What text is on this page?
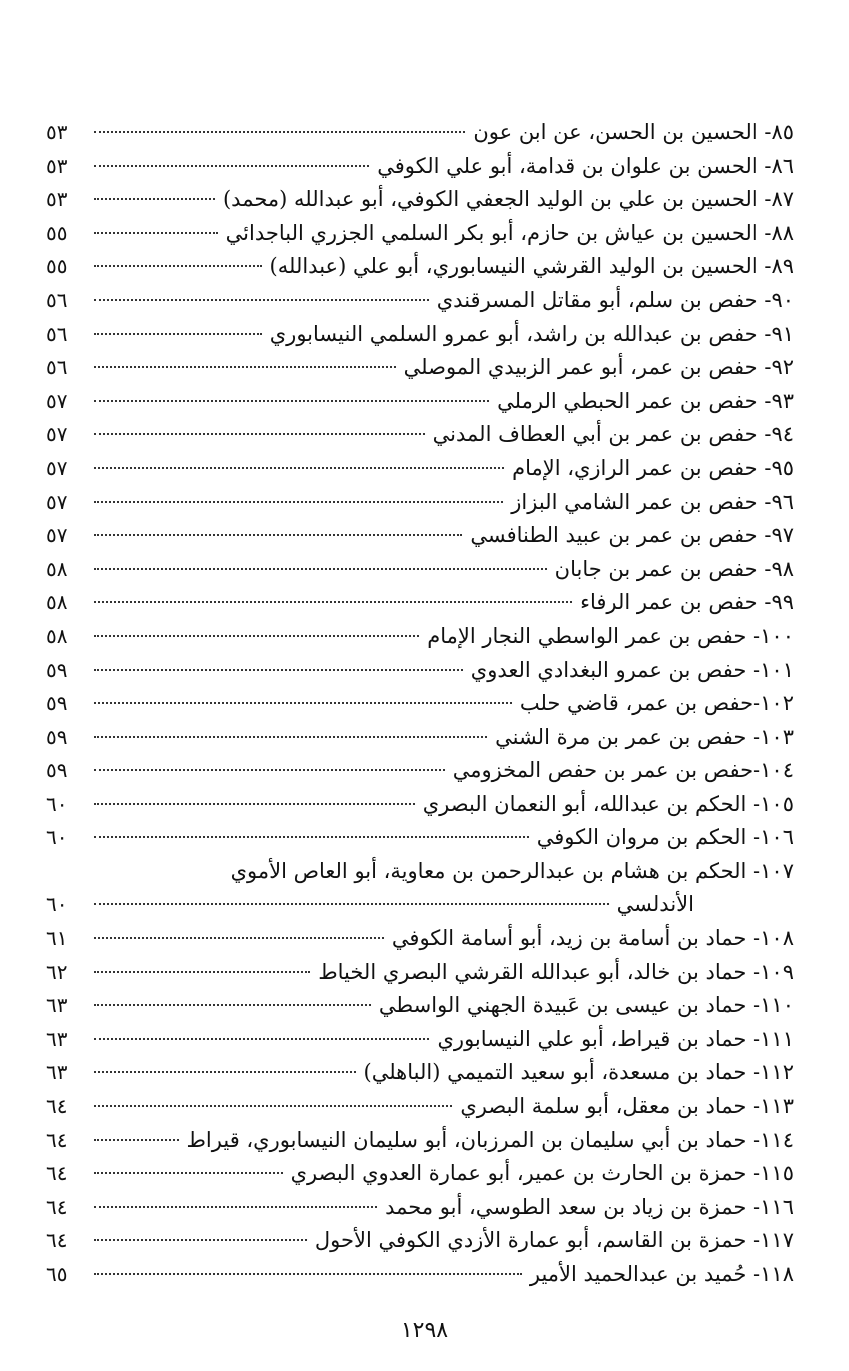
٨٥- الحسين بن الحسن، عن ابن عون
٥٣
٨٦- الحسن بن علوان بن قدامة، أبو علي الكوفي
٥٣
٨٧- الحسين بن علي بن الوليد الجعفي الكوفي، أبو عبدالله (محمد)
٥٣
٨٨- الحسين بن عياش بن حازم، أبو بكر السلمي الجزري الباجدائي
٥٥
٨٩- الحسين بن الوليد القرشي النيسابوري، أبو علي (عبدالله)
٥٥
٩٠- حفص بن سلم، أبو مقاتل المسرقندي
٥٦
٩١- حفص بن عبدالله بن راشد، أبو عمرو السلمي النيسابوري
٥٦
٩٢- حفص بن عمر، أبو عمر الزبيدي الموصلي
٥٦
٩٣- حفص بن عمر الحبطي الرملي
٥٧
٩٤- حفص بن عمر بن أبي العطاف المدني
٥٧
٩٥- حفص بن عمر الرازي، الإمام
٥٧
٩٦- حفص بن عمر الشامي البزاز
٥٧
٩٧- حفص بن عمر بن عبيد الطنافسي
٥٧
٩٨- حفص بن عمر بن جابان
٥٨
٩٩- حفص بن عمر الرفاء
٥٨
١٠٠- حفص بن عمر الواسطي النجار الإمام
٥٨
١٠١- حفص بن عمرو البغدادي العدوي
٥٩
١٠٢-حفص بن عمر، قاضي حلب
٥٩
١٠٣- حفص بن عمر بن مرة الشني
٥٩
١٠٤-حفص بن عمر بن حفص المخزومي
٥٩
١٠٥- الحكم بن عبدالله، أبو النعمان البصري
٦٠
١٠٦- الحكم بن مروان الكوفي
٦٠
١٠٧- الحكم بن هشام بن عبدالرحمن بن معاوية، أبو العاص الأموي
الأندلسي
٦٠
١٠٨- حماد بن أسامة بن زيد، أبو أسامة الكوفي
٦١
١٠٩- حماد بن خالد، أبو عبدالله القرشي البصري الخياط
٦٢
١١٠- حماد بن عيسى بن عَبيدة الجهني الواسطي
٦٣
١١١- حماد بن قيراط، أبو علي النيسابوري
٦٣
١١٢- حماد بن مسعدة، أبو سعيد التميمي (الباهلي)
٦٣
١١٣- حماد بن معقل، أبو سلمة البصري
٦٤
١١٤- حماد بن أبي سليمان بن المرزبان، أبو سليمان النيسابوري، قيراط
٦٤
١١٥- حمزة بن الحارث بن عمير، أبو عمارة العدوي البصري
٦٤
١١٦- حمزة بن زياد بن سعد الطوسي، أبو محمد
٦٤
١١٧- حمزة بن القاسم، أبو عمارة الأزدي الكوفي الأحول
٦٤
١١٨- حُميد بن عبدالحميد الأمير
٦٥
١٢٩٨
